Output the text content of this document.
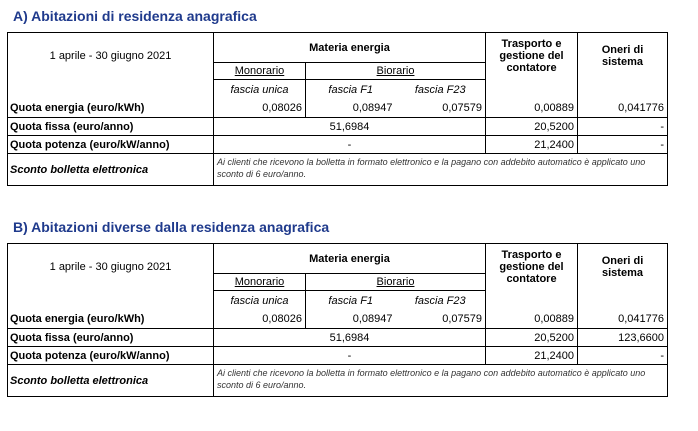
A) Abitazioni di residenza anagrafica
1 aprile - 30 giugno 2021	Materia energia			Trasporto e gestione del contatore	Oneri di sistema
	Monorario	Biorario			
	fascia unica	fascia F1	fascia F23		
Quota energia (euro/kWh)	0,08026	0,08947	0,07579	0,00889	0,041776
Quota fissa (euro/anno)	51,6984			20,5200	-
Quota potenza (euro/kW/anno)	-			21,2400	-
Sconto bolletta elettronica	Ai clienti che ricevono la bolletta in formato elettronico e la pagano con addebito automatico è applicato uno sconto di 6 euro/anno.				
B) Abitazioni diverse dalla residenza anagrafica
1 aprile - 30 giugno 2021	Materia energia			Trasporto e gestione del contatore	Oneri di sistema
	Monorario	Biorario			
	fascia unica	fascia F1	fascia F23		
Quota energia (euro/kWh)	0,08026	0,08947	0,07579	0,00889	0,041776
Quota fissa (euro/anno)	51,6984			20,5200	123,6600
Quota potenza (euro/kW/anno)	-			21,2400	-
Sconto bolletta elettronica	Ai clienti che ricevono la bolletta in formato elettronico e la pagano con addebito automatico è applicato uno sconto di 6 euro/anno.				
